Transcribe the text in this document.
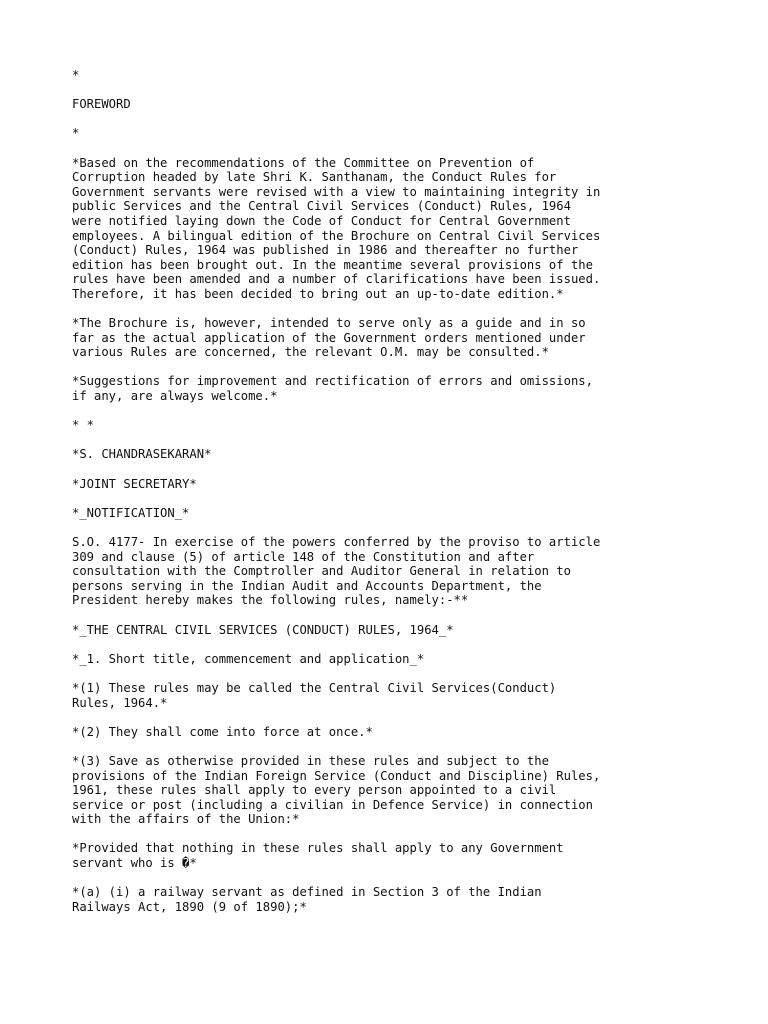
*

FOREWORD

*

*Based on the recommendations of the Committee on Prevention of
Corruption headed by late Shri K. Santhanam, the Conduct Rules for
Government servants were revised with a view to maintaining integrity in
public Services and the Central Civil Services (Conduct) Rules, 1964
were notified laying down the Code of Conduct for Central Government
employees. A bilingual edition of the Brochure on Central Civil Services
(Conduct) Rules, 1964 was published in 1986 and thereafter no further
edition has been brought out. In the meantime several provisions of the
rules have been amended and a number of clarifications have been issued.
Therefore, it has been decided to bring out an up-to-date edition.*

*The Brochure is, however, intended to serve only as a guide and in so
far as the actual application of the Government orders mentioned under
various Rules are concerned, the relevant O.M. may be consulted.*

*Suggestions for improvement and rectification of errors and omissions,
if any, are always welcome.*

* *

*S. CHANDRASEKARAN*

*JOINT SECRETARY*

*_NOTIFICATION_*

S.O. 4177- In exercise of the powers conferred by the proviso to article
309 and clause (5) of article 148 of the Constitution and after
consultation with the Comptroller and Auditor General in relation to
persons serving in the Indian Audit and Accounts Department, the
President hereby makes the following rules, namely:-**

*_THE CENTRAL CIVIL SERVICES (CONDUCT) RULES, 1964_*

*_1. Short title, commencement and application_*

*(1) These rules may be called the Central Civil Services(Conduct)
Rules, 1964.*

*(2) They shall come into force at once.*

*(3) Save as otherwise provided in these rules and subject to the
provisions of the Indian Foreign Service (Conduct and Discipline) Rules,
1961, these rules shall apply to every person appointed to a civil
service or post (including a civilian in Defence Service) in connection
with the affairs of the Union:*

*Provided that nothing in these rules shall apply to any Government
servant who is �*

*(a) (i) a railway servant as defined in Section 3 of the Indian
Railways Act, 1890 (9 of 1890);*
